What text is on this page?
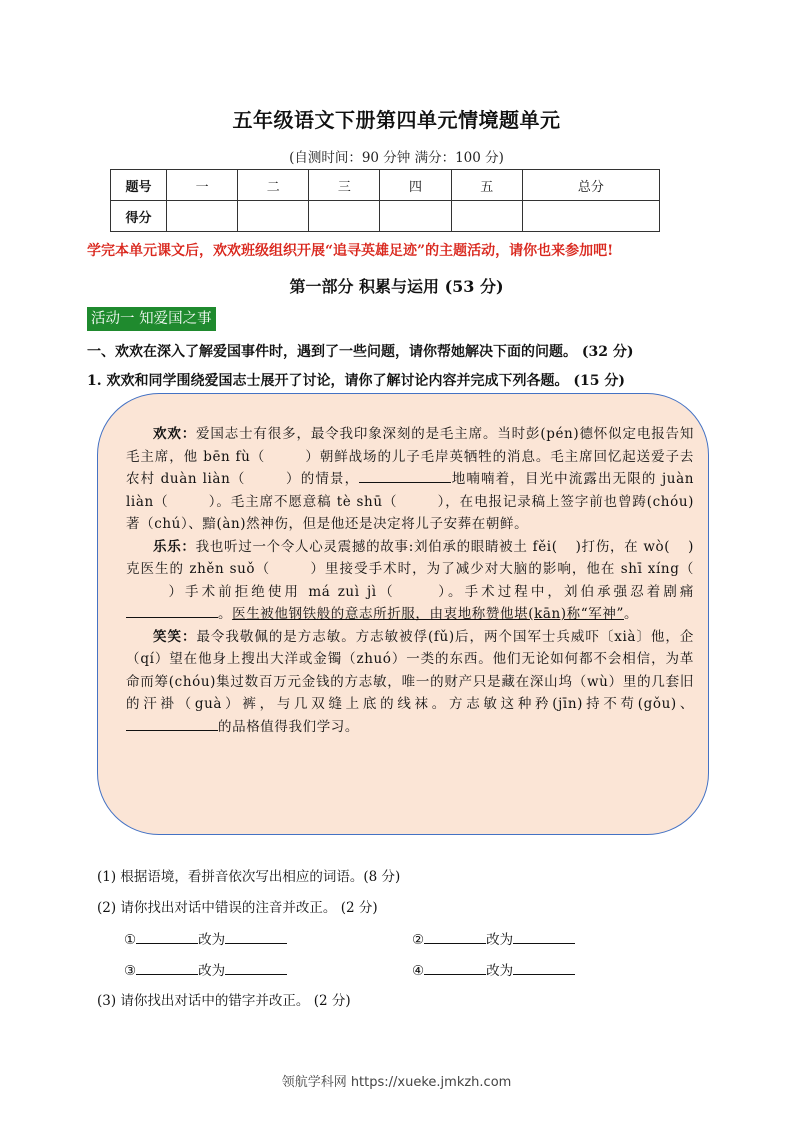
五年级语文下册第四单元情境题单元
(自测时间：90 分钟 满分：100 分)
题号	一	二	三	四	五	总分
得分						
学完本单元课文后，欢欢班级组织开展“追寻英雄足迹”的主题活动，请你也来参加吧!
第一部分 积累与运用 (53 分)
活动一 知爱国之事
一、欢欢在深入了解爱国事件时，遇到了一些问题，请你帮她解决下面的问题。 (32 分)
1. 欢欢和同学围绕爱国志士展开了讨论，请你了解讨论内容并完成下列各题。 (15 分)

欢欢：爱国志士有很多，最令我印象深刻的是毛主席。当时彭(pén)德怀似定电报告知毛主席，他 bēn fù（	）朝鲜战场的儿子毛岸英牺牲的消息。毛主席回忆起送爱子去农村 duàn liàn（	）的情景，	地喃喃着，目光中流露出无限的 juàn liàn（	）。毛主席不愿意稿 tè shū（	），在电报记录稿上签字前也曾踌(chóu)著（chú）、黯(àn)然神伤，但是他还是决定将儿子安葬在朝鲜。

乐乐：我也听过一个令人心灵震撼的故事:刘伯承的眼睛被土 fěi( )打伤，在 wò( )克医生的 zhěn suǒ（	）里接受手术时，为了减少对大脑的影响，他在 shī xíng（）手术前拒绝使用 má zuì jì（	）。手术过程中，刘伯承强忍着剧痛。医生被他钢铁般的意志所折服，由衷地称赞他堪(kān)称“军神”。

笑笑：最令我敬佩的是方志敏。方志敏被俘(fǔ)后，两个国军士兵威吓〔xià〕他，企（qí）望在他身上搜出大洋或金镯（zhuó）一类的东西。他们无论如何都不会相信，为革命而筹(chóu)集过数百万元金钱的方志敏，唯一的财产只是藏在深山坞（wù）里的几套旧的汗褂（guà）裤，与几双缝上底的线袜。方志敏这种矜(jīn)持不苟(gǒu)、的品格值得我们学习。

(1) 根据语境，看拼音依次写出相应的词语。(8 分)
(2) 请你找出对话中错误的注音并改正。 (2 分)
①	改为	②	改为
③	改为	④	改为
(3) 请你找出对话中的错字并改正。 (2 分)
领航学科网 https://xueke.jmkzh.com
